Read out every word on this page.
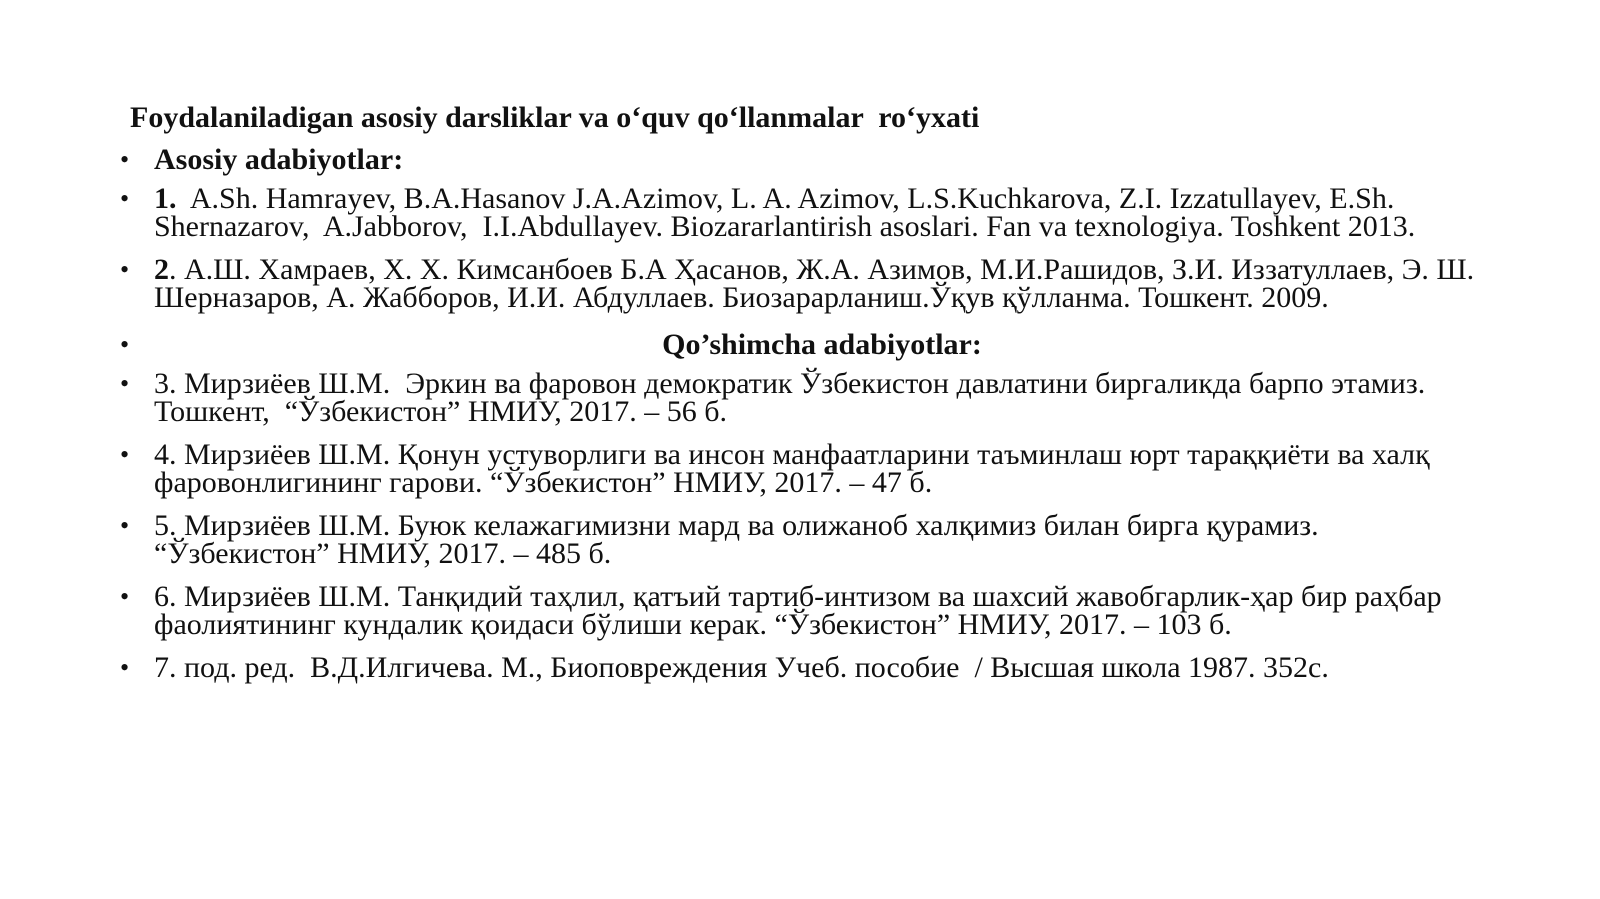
Foydalaniladigan asosiy darsliklar va o‘quv qo‘llanmalar  ro‘yxati
• Asosiy adabiyotlar:
• 1.  A.Sh. Hamrayev, B.A.Hasanov J.A.Azimov, L. A. Azimov, L.S.Kuchkarova, Z.I. Izzatullayev, E.Sh. Shernazarov,  A.Jabborov,  I.I.Abdullayev. Biozararlantirish asoslari. Fan va texnologiya. Toshkent 2013.
• 2. А.Ш. Хамраев, Х. Х. Кимсанбоев Б.А Ҳасанов, Ж.А. Азимов, М.И.Рашидов, З.И. Иззатуллаев, Э. Ш. Шерназаров, А. Жабборов, И.И. Абдуллаев. Биозарарланиш.Ўқув қўлланма. Тошкент. 2009.
•	Qo’shimcha adabiyotlar:
• 3. Мирзиёев Ш.М.  Эркин ва фаровон демократик Ўзбекистон давлатини биргаликда барпо этамиз. Тошкент,  “Ўзбекистон” НМИУ, 2017. – 56 б.
• 4. Мирзиёев Ш.М. Қонун устуворлиги ва инсон манфаатларини таъминлаш юрт тараққиёти ва халқ фаровонлигининг гарови. “Ўзбекистон” НМИУ, 2017. – 47 б.
• 5. Мирзиёев Ш.М. Буюк келажагимизни мард ва олижаноб халқимиз билан бирга қурамиз. “Ўзбекистон” НМИУ, 2017. – 485 б.
• 6. Мирзиёев Ш.М. Танқидий таҳлил, қатъий тартиб-интизом ва шахсий жавобгарлик-ҳар бир раҳбар фаолиятининг кундалик қоидаси бўлиши керак. “Ўзбекистон” НМИУ, 2017. – 103 б.
• 7. под. ред.  В.Д.Илгичева. М., Биоповреждения Учеб. пособие  / Высшая школа 1987. 352с.
